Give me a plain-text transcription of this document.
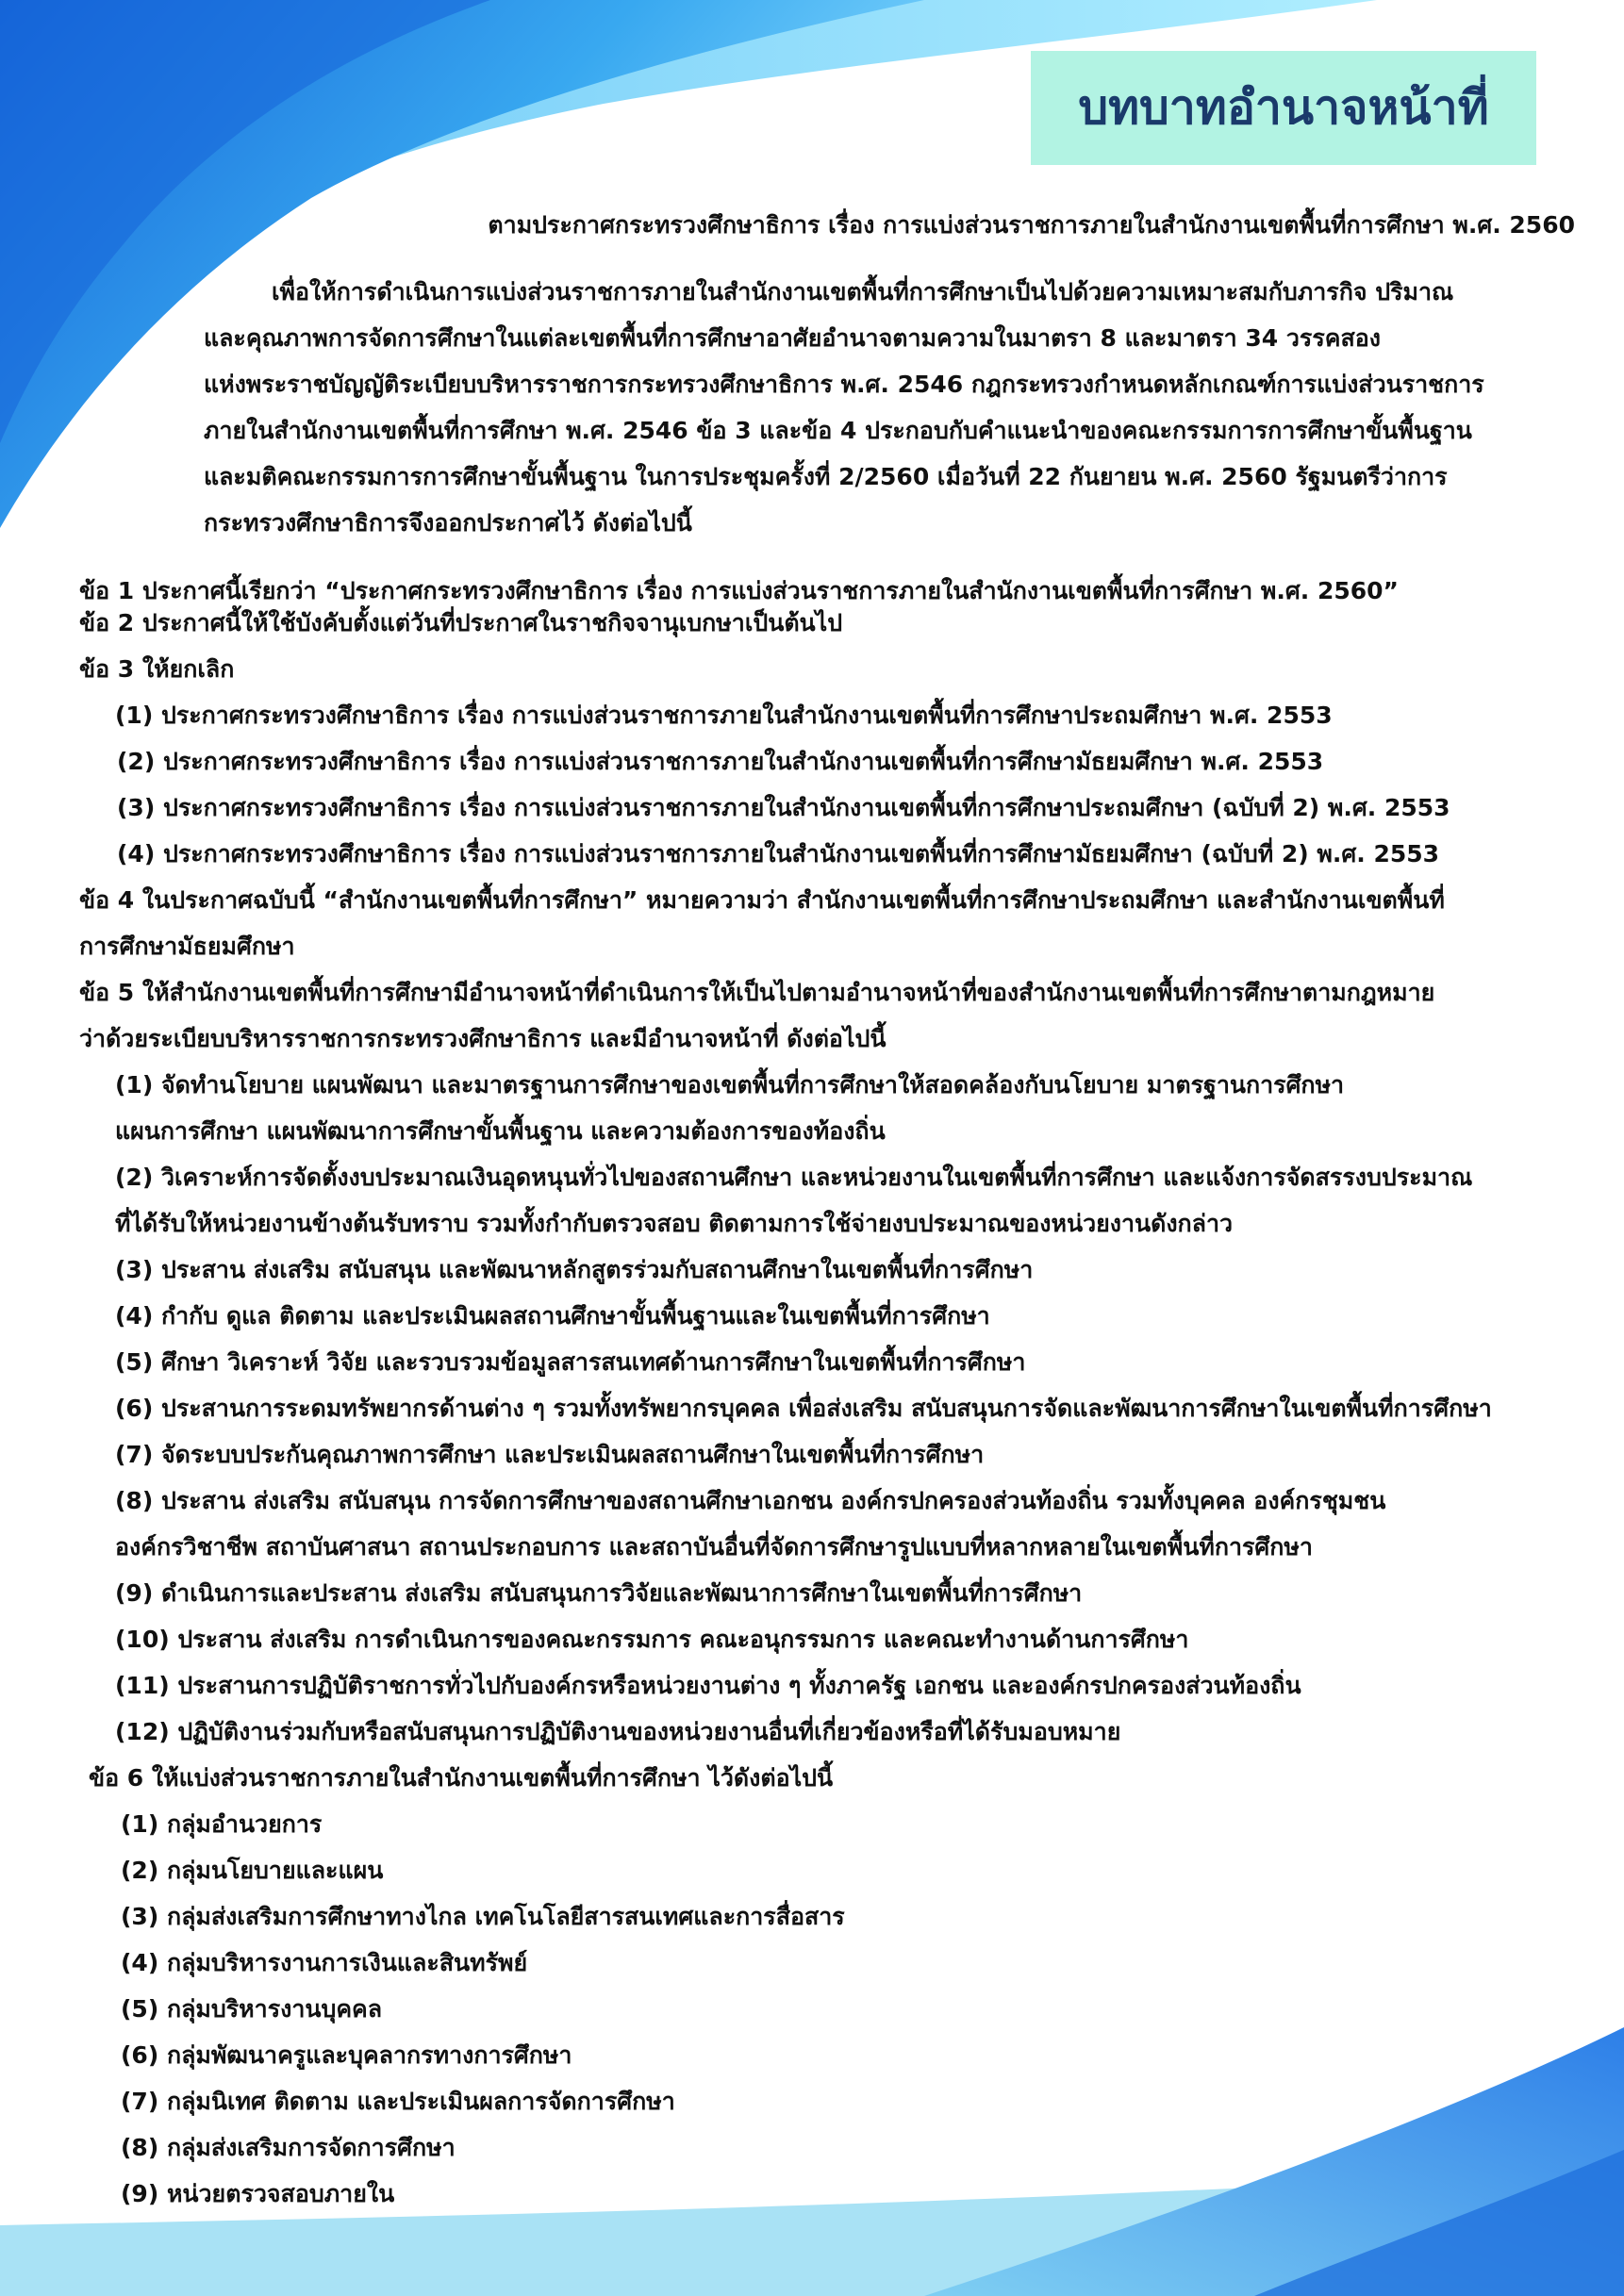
บทบาทอำนาจหน้าที่
ตามประกาศกระทรวงศึกษาธิการ เรื่อง การแบ่งส่วนราชการภายในสำนักงานเขตพื้นที่การศึกษา พ.ศ. 2560
เพื่อให้การดำเนินการแบ่งส่วนราชการภายในสำนักงานเขตพื้นที่การศึกษาเป็นไปด้วยความเหมาะสมกับภารกิจ ปริมาณ
และคุณภาพการจัดการศึกษาในแต่ละเขตพื้นที่การศึกษาอาศัยอำนาจตามความในมาตรา 8 และมาตรา 34 วรรคสอง
แห่งพระราชบัญญัติระเบียบบริหารราชการกระทรวงศึกษาธิการ พ.ศ. 2546 กฎกระทรวงกำหนดหลักเกณฑ์การแบ่งส่วนราชการ
ภายในสำนักงานเขตพื้นที่การศึกษา พ.ศ. 2546 ข้อ 3 และข้อ 4 ประกอบกับคำแนะนำของคณะกรรมการการศึกษาขั้นพื้นฐาน
และมติคณะกรรมการการศึกษาขั้นพื้นฐาน ในการประชุมครั้งที่ 2/2560 เมื่อวันที่ 22 กันยายน พ.ศ. 2560 รัฐมนตรีว่าการ
กระทรวงศึกษาธิการจึงออกประกาศไว้ ดังต่อไปนี้
ข้อ 1 ประกาศนี้เรียกว่า “ประกาศกระทรวงศึกษาธิการ เรื่อง การแบ่งส่วนราชการภายในสำนักงานเขตพื้นที่การศึกษา พ.ศ. 2560”
ข้อ 2 ประกาศนี้ให้ใช้บังคับตั้งแต่วันที่ประกาศในราชกิจจานุเบกษาเป็นต้นไป
ข้อ 3 ให้ยกเลิก
(1) ประกาศกระทรวงศึกษาธิการ เรื่อง การแบ่งส่วนราชการภายในสำนักงานเขตพื้นที่การศึกษาประถมศึกษา พ.ศ. 2553
(2) ประกาศกระทรวงศึกษาธิการ เรื่อง การแบ่งส่วนราชการภายในสำนักงานเขตพื้นที่การศึกษามัธยมศึกษา พ.ศ. 2553
(3) ประกาศกระทรวงศึกษาธิการ เรื่อง การแบ่งส่วนราชการภายในสำนักงานเขตพื้นที่การศึกษาประถมศึกษา (ฉบับที่ 2) พ.ศ. 2553
(4) ประกาศกระทรวงศึกษาธิการ เรื่อง การแบ่งส่วนราชการภายในสำนักงานเขตพื้นที่การศึกษามัธยมศึกษา (ฉบับที่ 2) พ.ศ. 2553
ข้อ 4 ในประกาศฉบับนี้ “สำนักงานเขตพื้นที่การศึกษา” หมายความว่า สำนักงานเขตพื้นที่การศึกษาประถมศึกษา และสำนักงานเขตพื้นที่
การศึกษามัธยมศึกษา
ข้อ 5 ให้สำนักงานเขตพื้นที่การศึกษามีอำนาจหน้าที่ดำเนินการให้เป็นไปตามอำนาจหน้าที่ของสำนักงานเขตพื้นที่การศึกษาตามกฎหมาย
ว่าด้วยระเบียบบริหารราชการกระทรวงศึกษาธิการ และมีอำนาจหน้าที่ ดังต่อไปนี้
(1) จัดทำนโยบาย แผนพัฒนา และมาตรฐานการศึกษาของเขตพื้นที่การศึกษาให้สอดคล้องกับนโยบาย มาตรฐานการศึกษา
แผนการศึกษา แผนพัฒนาการศึกษาขั้นพื้นฐาน และความต้องการของท้องถิ่น
(2) วิเคราะห์การจัดตั้งงบประมาณเงินอุดหนุนทั่วไปของสถานศึกษา และหน่วยงานในเขตพื้นที่การศึกษา และแจ้งการจัดสรรงบประมาณ
ที่ได้รับให้หน่วยงานข้างต้นรับทราบ รวมทั้งกำกับตรวจสอบ ติดตามการใช้จ่ายงบประมาณของหน่วยงานดังกล่าว
(3) ประสาน ส่งเสริม สนับสนุน และพัฒนาหลักสูตรร่วมกับสถานศึกษาในเขตพื้นที่การศึกษา
(4) กำกับ ดูแล ติดตาม และประเมินผลสถานศึกษาขั้นพื้นฐานและในเขตพื้นที่การศึกษา
(5) ศึกษา วิเคราะห์ วิจัย และรวบรวมข้อมูลสารสนเทศด้านการศึกษาในเขตพื้นที่การศึกษา
(6) ประสานการระดมทรัพยากรด้านต่าง ๆ รวมทั้งทรัพยากรบุคคล เพื่อส่งเสริม สนับสนุนการจัดและพัฒนาการศึกษาในเขตพื้นที่การศึกษา
(7) จัดระบบประกันคุณภาพการศึกษา และประเมินผลสถานศึกษาในเขตพื้นที่การศึกษา
(8) ประสาน ส่งเสริม สนับสนุน การจัดการศึกษาของสถานศึกษาเอกชน องค์กรปกครองส่วนท้องถิ่น รวมทั้งบุคคล องค์กรชุมชน
องค์กรวิชาชีพ สถาบันศาสนา สถานประกอบการ และสถาบันอื่นที่จัดการศึกษารูปแบบที่หลากหลายในเขตพื้นที่การศึกษา
(9) ดำเนินการและประสาน ส่งเสริม สนับสนุนการวิจัยและพัฒนาการศึกษาในเขตพื้นที่การศึกษา
(10) ประสาน ส่งเสริม การดำเนินการของคณะกรรมการ คณะอนุกรรมการ และคณะทำงานด้านการศึกษา
(11) ประสานการปฏิบัติราชการทั่วไปกับองค์กรหรือหน่วยงานต่าง ๆ ทั้งภาครัฐ เอกชน และองค์กรปกครองส่วนท้องถิ่น
(12) ปฏิบัติงานร่วมกับหรือสนับสนุนการปฏิบัติงานของหน่วยงานอื่นที่เกี่ยวข้องหรือที่ได้รับมอบหมาย
ข้อ 6 ให้แบ่งส่วนราชการภายในสำนักงานเขตพื้นที่การศึกษา ไว้ดังต่อไปนี้
(1) กลุ่มอำนวยการ
(2) กลุ่มนโยบายและแผน
(3) กลุ่มส่งเสริมการศึกษาทางไกล เทคโนโลยีสารสนเทศและการสื่อสาร
(4) กลุ่มบริหารงานการเงินและสินทรัพย์
(5) กลุ่มบริหารงานบุคคล
(6) กลุ่มพัฒนาครูและบุคลากรทางการศึกษา
(7) กลุ่มนิเทศ ติดตาม และประเมินผลการจัดการศึกษา
(8) กลุ่มส่งเสริมการจัดการศึกษา
(9) หน่วยตรวจสอบภายใน
